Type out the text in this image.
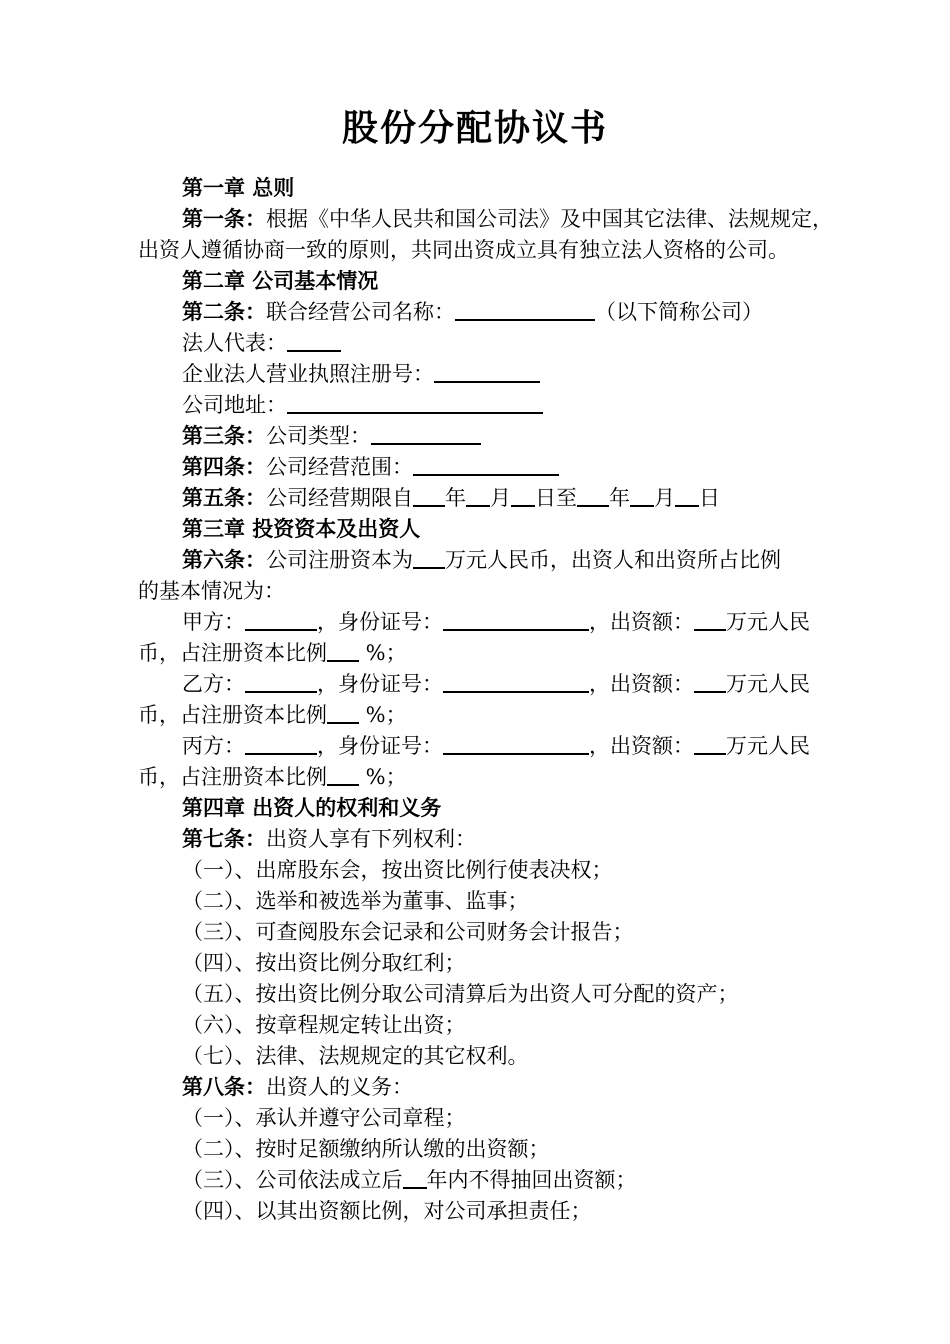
股份分配协议书

第一章 总则

第一条：根据《中华人民共和国公司法》及中国其它法律、法规规定，

出资人遵循协商一致的原则，共同出资成立具有独立法人资格的公司。

第二章 公司基本情况

第二条：联合经营公司名称：	（以下简称公司）

法人代表：

企业法人营业执照注册号：

公司地址：

第三条：公司类型：

第四条：公司经营范围：

第五条：公司经营期限自 年 月 日至 年 月 日

第三章 投资资本及出资人

第六条：公司注册资本为 万元人民币，出资人和出资所占比例

的基本情况为：

甲方：	，身份证号：	，出资额： 万元人民

币，占注册资本比例 %；

乙方：	，身份证号：	，出资额： 万元人民

币，占注册资本比例 %；

丙方：	，身份证号：	，出资额： 万元人民

币，占注册资本比例 %；

第四章 出资人的权利和义务

第七条：出资人享有下列权利：

（一）、出席股东会，按出资比例行使表决权；

（二）、选举和被选举为董事、监事；

（三）、可查阅股东会记录和公司财务会计报告；

（四）、按出资比例分取红利；

（五）、按出资比例分取公司清算后为出资人可分配的资产；

（六）、按章程规定转让出资；

（七）、法律、法规规定的其它权利。

第八条：出资人的义务：

（一）、承认并遵守公司章程；

（二）、按时足额缴纳所认缴的出资额；

（三）、公司依法成立后 年内不得抽回出资额；

（四）、以其出资额比例，对公司承担责任；
